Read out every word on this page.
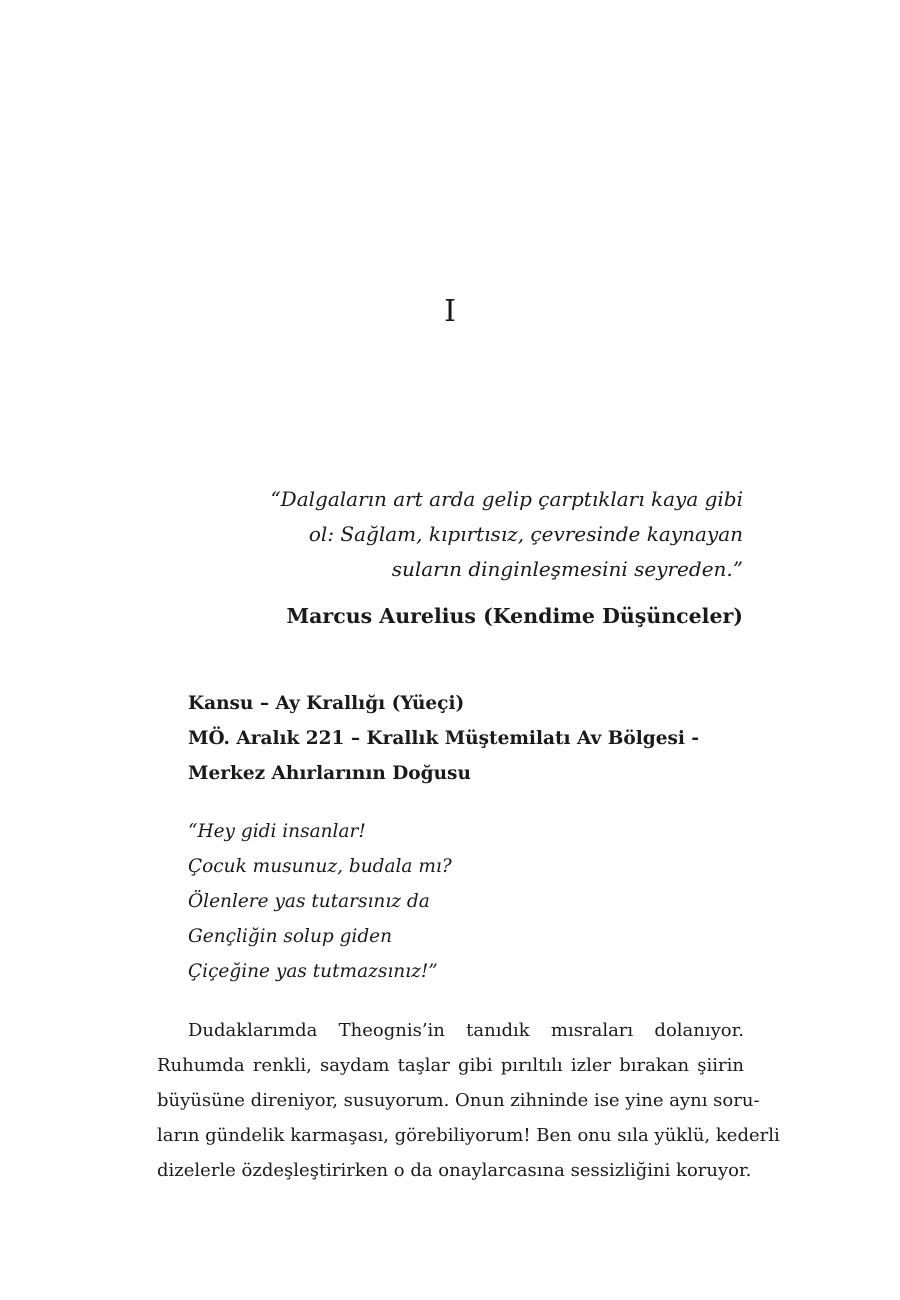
I
“Dalgaların art arda gelip çarptıkları kaya gibi
ol: Sağlam, kıpırtısız, çevresinde kaynayan
suların dinginleşmesini seyreden.”
Marcus Aurelius (Kendime Düşünceler)
Kansu – Ay Krallığı (Yüeçi)
MÖ. Aralık 221 – Krallık Müştemilatı Av Bölgesi -
Merkez Ahırlarının Doğusu
“Hey gidi insanlar!
Çocuk musunuz, budala mı?
Ölenlere yas tutarsınız da
Gençliğin solup giden
Çiçeğine yas tutmazsınız!”
Dudaklarımda Theognis’in tanıdık mısraları dolanıyor.
Ruhumda renkli, saydam taşlar gibi pırıltılı izler bırakan şiirin
büyüsüne direniyor, susuyorum. Onun zihninde ise yine aynı soru-
ların gündelik karmaşası, görebiliyorum! Ben onu sıla yüklü, kederli
dizelerle özdeşleştirirken o da onaylarcasına sessizliğini koruyor.
